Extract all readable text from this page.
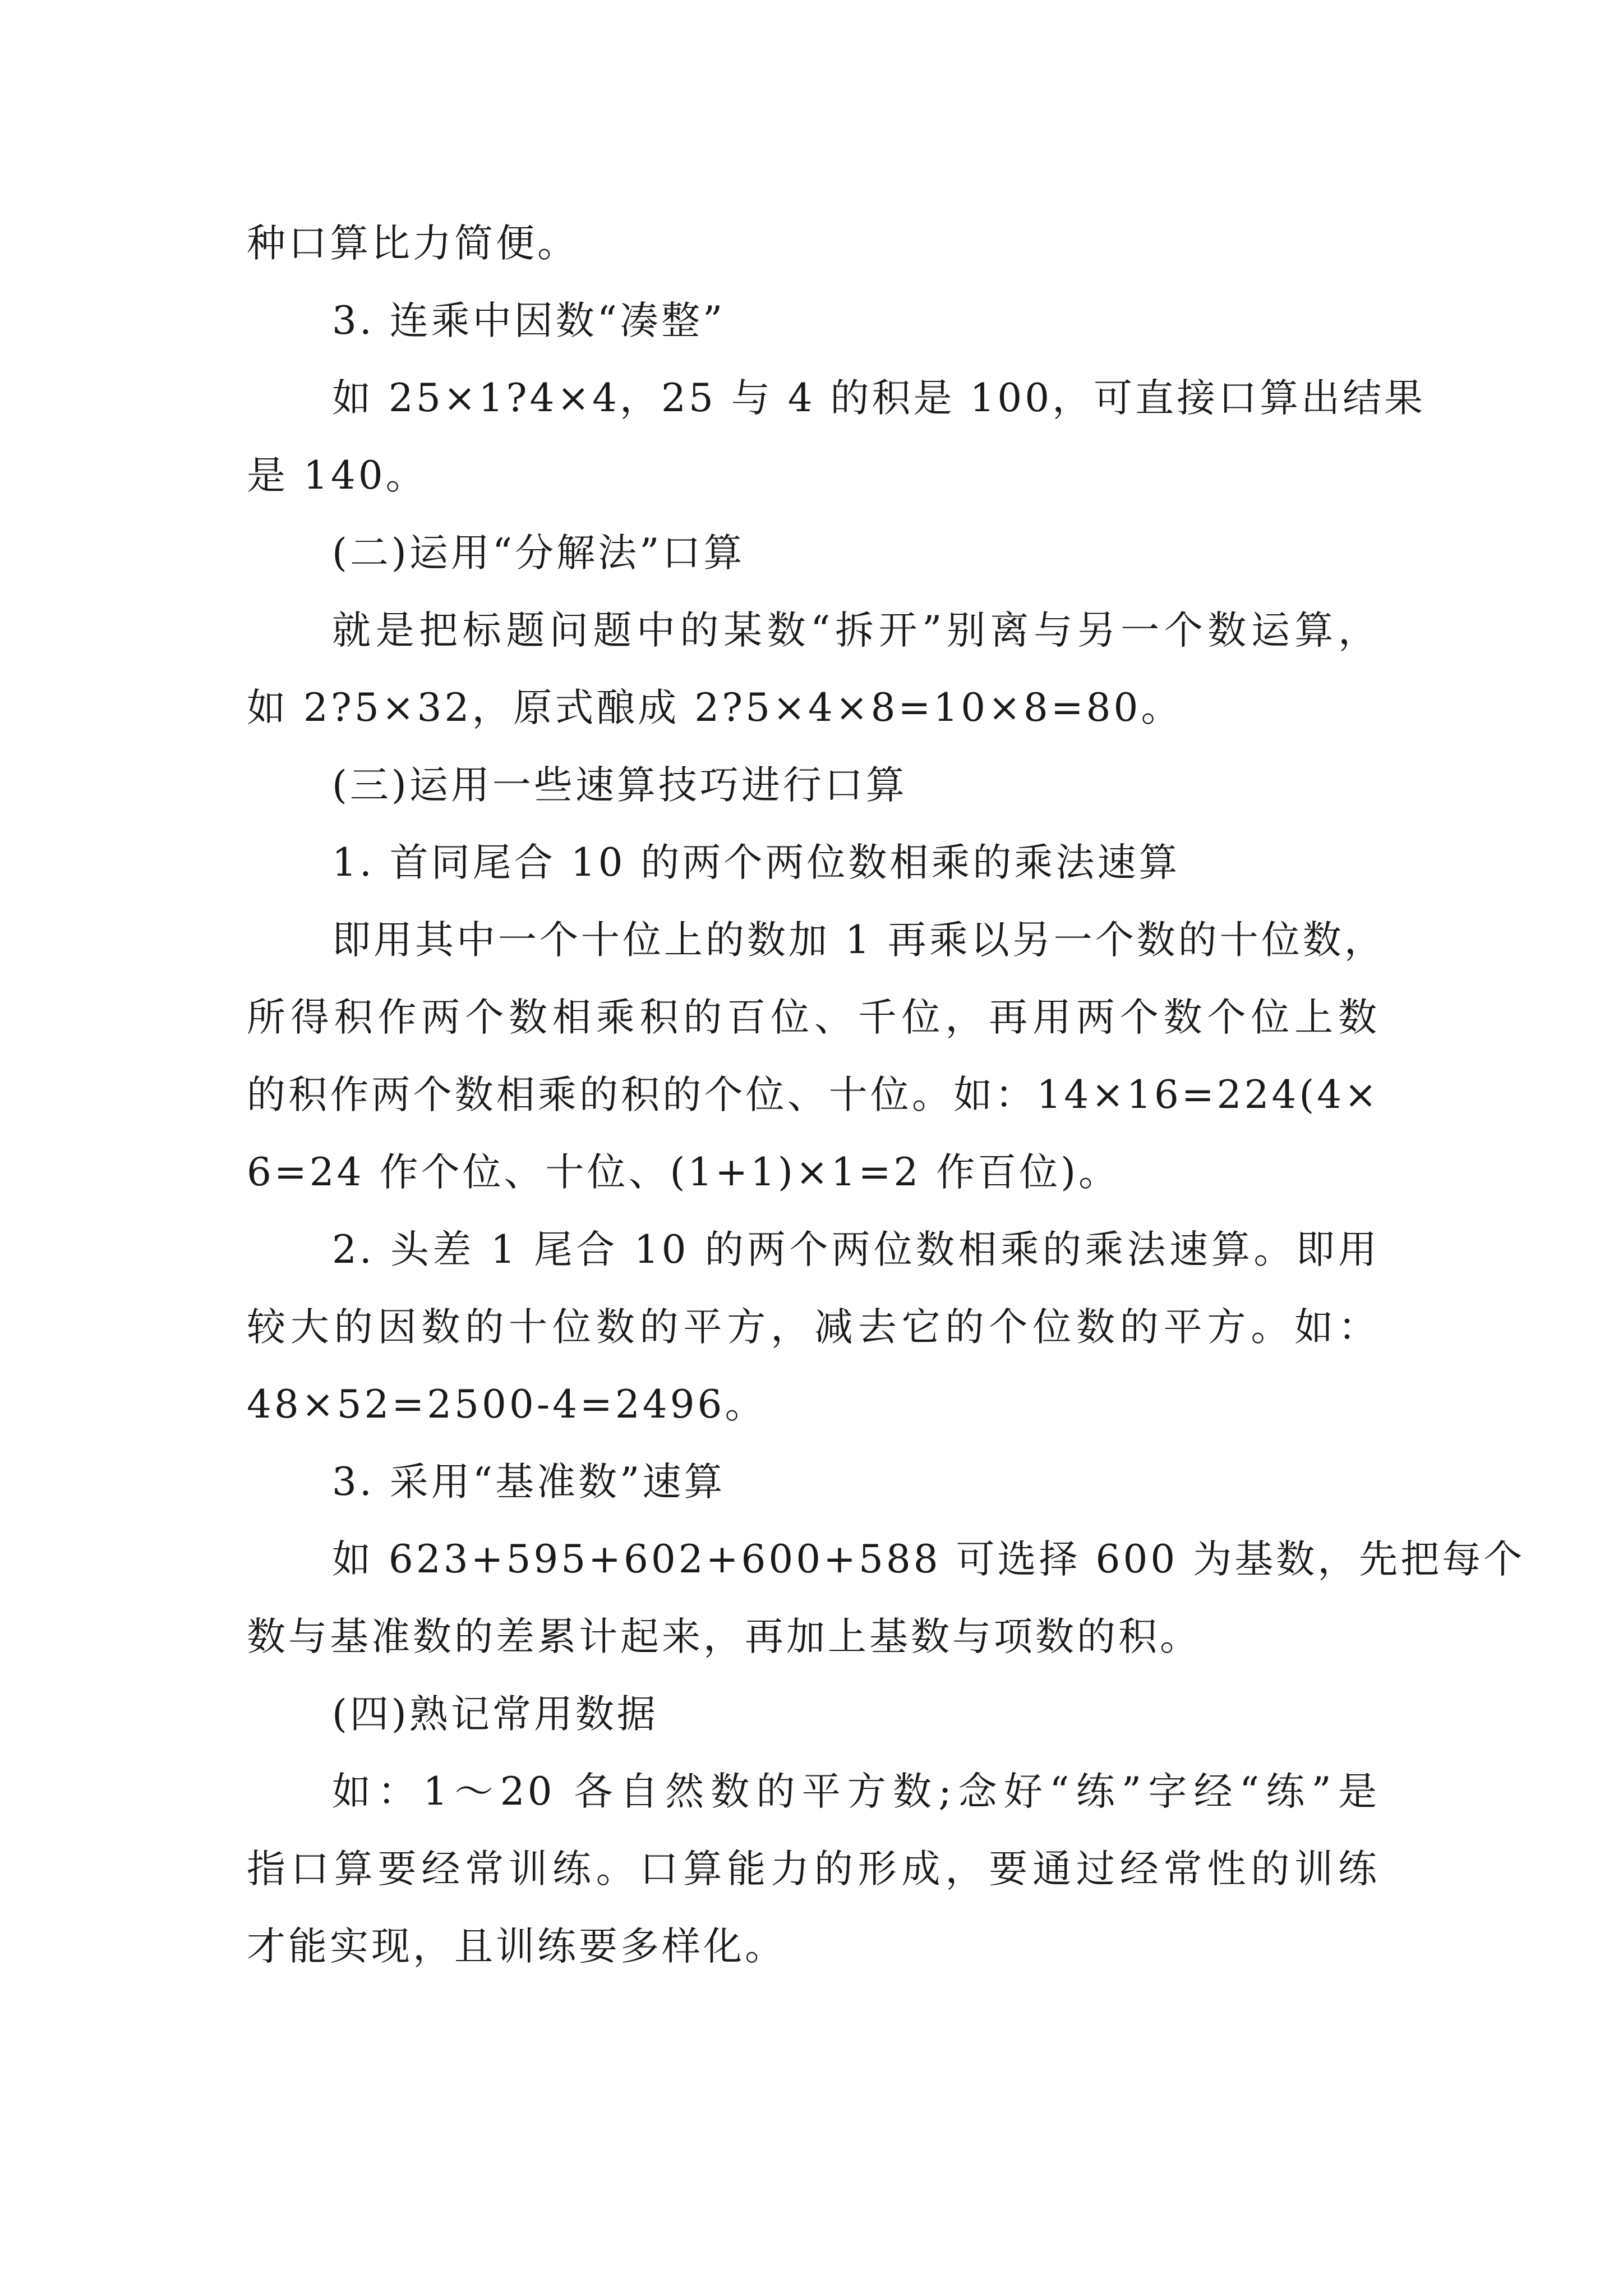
种口算比力简便。
3. 连乘中因数“凑整”
如 25×1?4×4，25 与 4 的积是 100，可直接口算出结果
是 140。
(二)运用“分解法”口算
就是把标题问题中的某数“拆开”别离与另一个数运算，
如 2?5×32，原式酿成 2?5×4×8=10×8=80。
(三)运用一些速算技巧进行口算
1. 首同尾合 10 的两个两位数相乘的乘法速算
即用其中一个十位上的数加 1 再乘以另一个数的十位数，
所得积作两个数相乘积的百位、千位，再用两个数个位上数
的积作两个数相乘的积的个位、十位。如：14×16=224(4×
6=24 作个位、十位、(1+1)×1=2 作百位)。
2. 头差 1 尾合 10 的两个两位数相乘的乘法速算。即用
较大的因数的十位数的平方，减去它的个位数的平方。如：
48×52=2500-4=2496。
3. 采用“基准数”速算
如 623+595+602+600+588 可选择 600 为基数，先把每个
数与基准数的差累计起来，再加上基数与项数的积。
(四)熟记常用数据
如：1～20 各自然数的平方数;念好“练”字经“练”是
指口算要经常训练。口算能力的形成，要通过经常性的训练
才能实现，且训练要多样化。
